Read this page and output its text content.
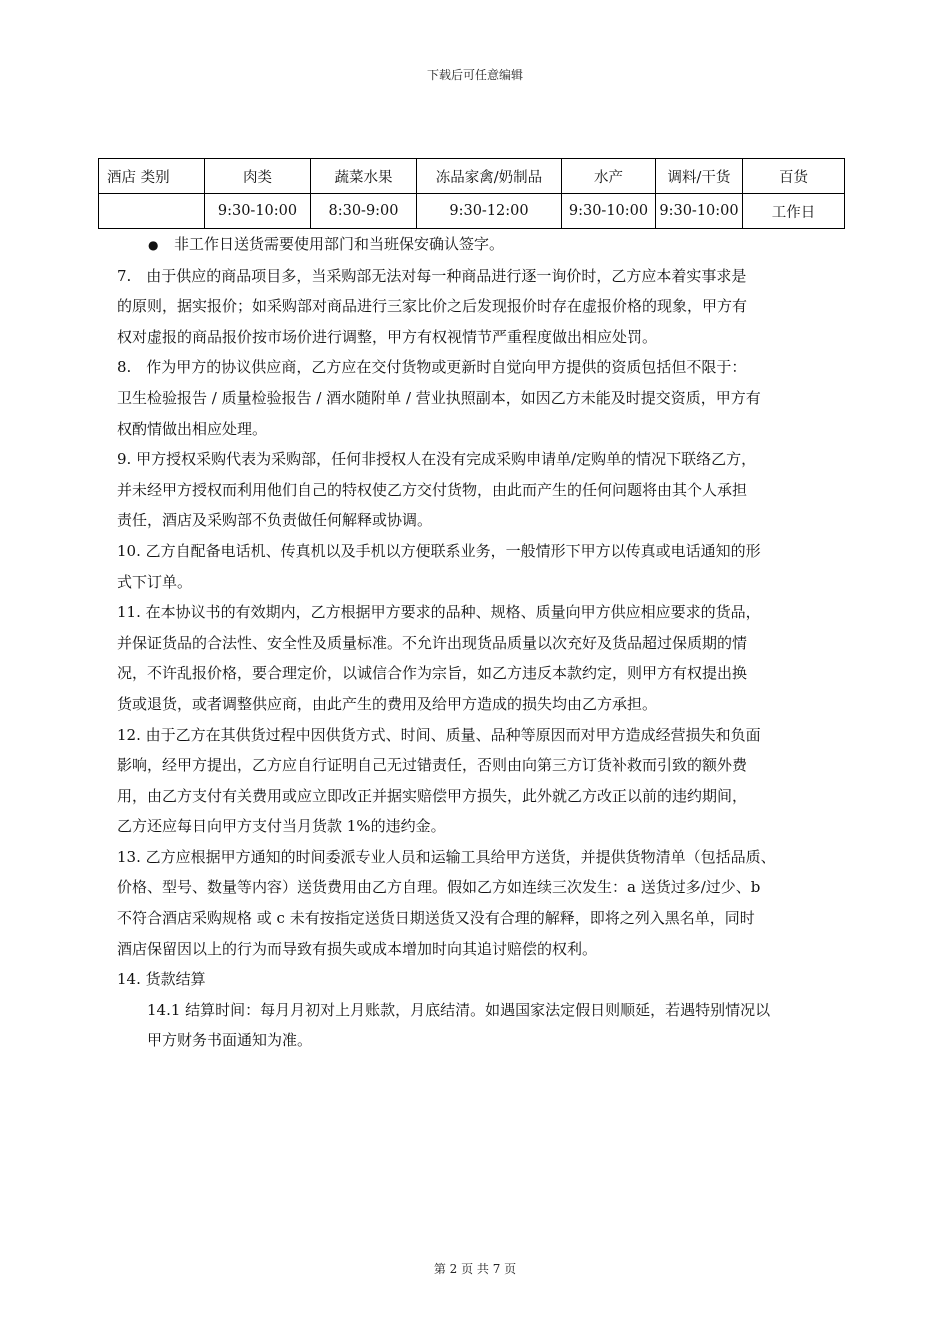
下载后可任意编辑
酒店 类别	肉类	蔬菜水果	冻品家禽/奶制品	水产	调料/干货	百货
	9:30-10:00	8:30-9:00	9:30-12:00	9:30-10:00	9:30-10:00	工作日

● 非工作日送货需要使用部门和当班保安确认签字。

7.　由于供应的商品项目多，当采购部无法对每一种商品进行逐一询价时，乙方应本着实事求是

的原则，据实报价；如采购部对商品进行三家比价之后发现报价时存在虚报价格的现象，甲方有

权对虚报的商品报价按市场价进行调整，甲方有权视情节严重程度做出相应处罚。

8.　作为甲方的协议供应商，乙方应在交付货物或更新时自觉向甲方提供的资质包括但不限于：

卫生检验报告 / 质量检验报告 / 酒水随附单 / 营业执照副本，如因乙方未能及时提交资质，甲方有

权酌情做出相应处理。

9. 甲方授权采购代表为采购部，任何非授权人在没有完成采购申请单/定购单的情况下联络乙方，

并未经甲方授权而利用他们自己的特权使乙方交付货物，由此而产生的任何问题将由其个人承担

责任，酒店及采购部不负责做任何解释或协调。

10. 乙方自配备电话机、传真机以及手机以方便联系业务，一般情形下甲方以传真或电话通知的形

式下订单。

11. 在本协议书的有效期内，乙方根据甲方要求的品种、规格、质量向甲方供应相应要求的货品，

并保证货品的合法性、安全性及质量标准。不允许出现货品质量以次充好及货品超过保质期的情

况，不许乱报价格，要合理定价，以诚信合作为宗旨，如乙方违反本款约定，则甲方有权提出换

货或退货，或者调整供应商，由此产生的费用及给甲方造成的损失均由乙方承担。

12. 由于乙方在其供货过程中因供货方式、时间、质量、品种等原因而对甲方造成经营损失和负面

影响，经甲方提出，乙方应自行证明自己无过错责任，否则由向第三方订货补救而引致的额外费

用，由乙方支付有关费用或应立即改正并据实赔偿甲方损失，此外就乙方改正以前的违约期间，

乙方还应每日向甲方支付当月货款 1%的违约金。

13. 乙方应根据甲方通知的时间委派专业人员和运输工具给甲方送货，并提供货物清单（包括品质、

价格、型号、数量等内容）送货费用由乙方自理。假如乙方如连续三次发生：a 送货过多/过少、b

不符合酒店采购规格 或 c 未有按指定送货日期送货又没有合理的解释，即将之列入黑名单，同时

酒店保留因以上的行为而导致有损失或成本增加时向其追讨赔偿的权利。

14. 货款结算

14.1 结算时间：每月月初对上月账款，月底结清。如遇国家法定假日则顺延，若遇特别情况以

甲方财务书面通知为准。

第 2 页 共 7 页
